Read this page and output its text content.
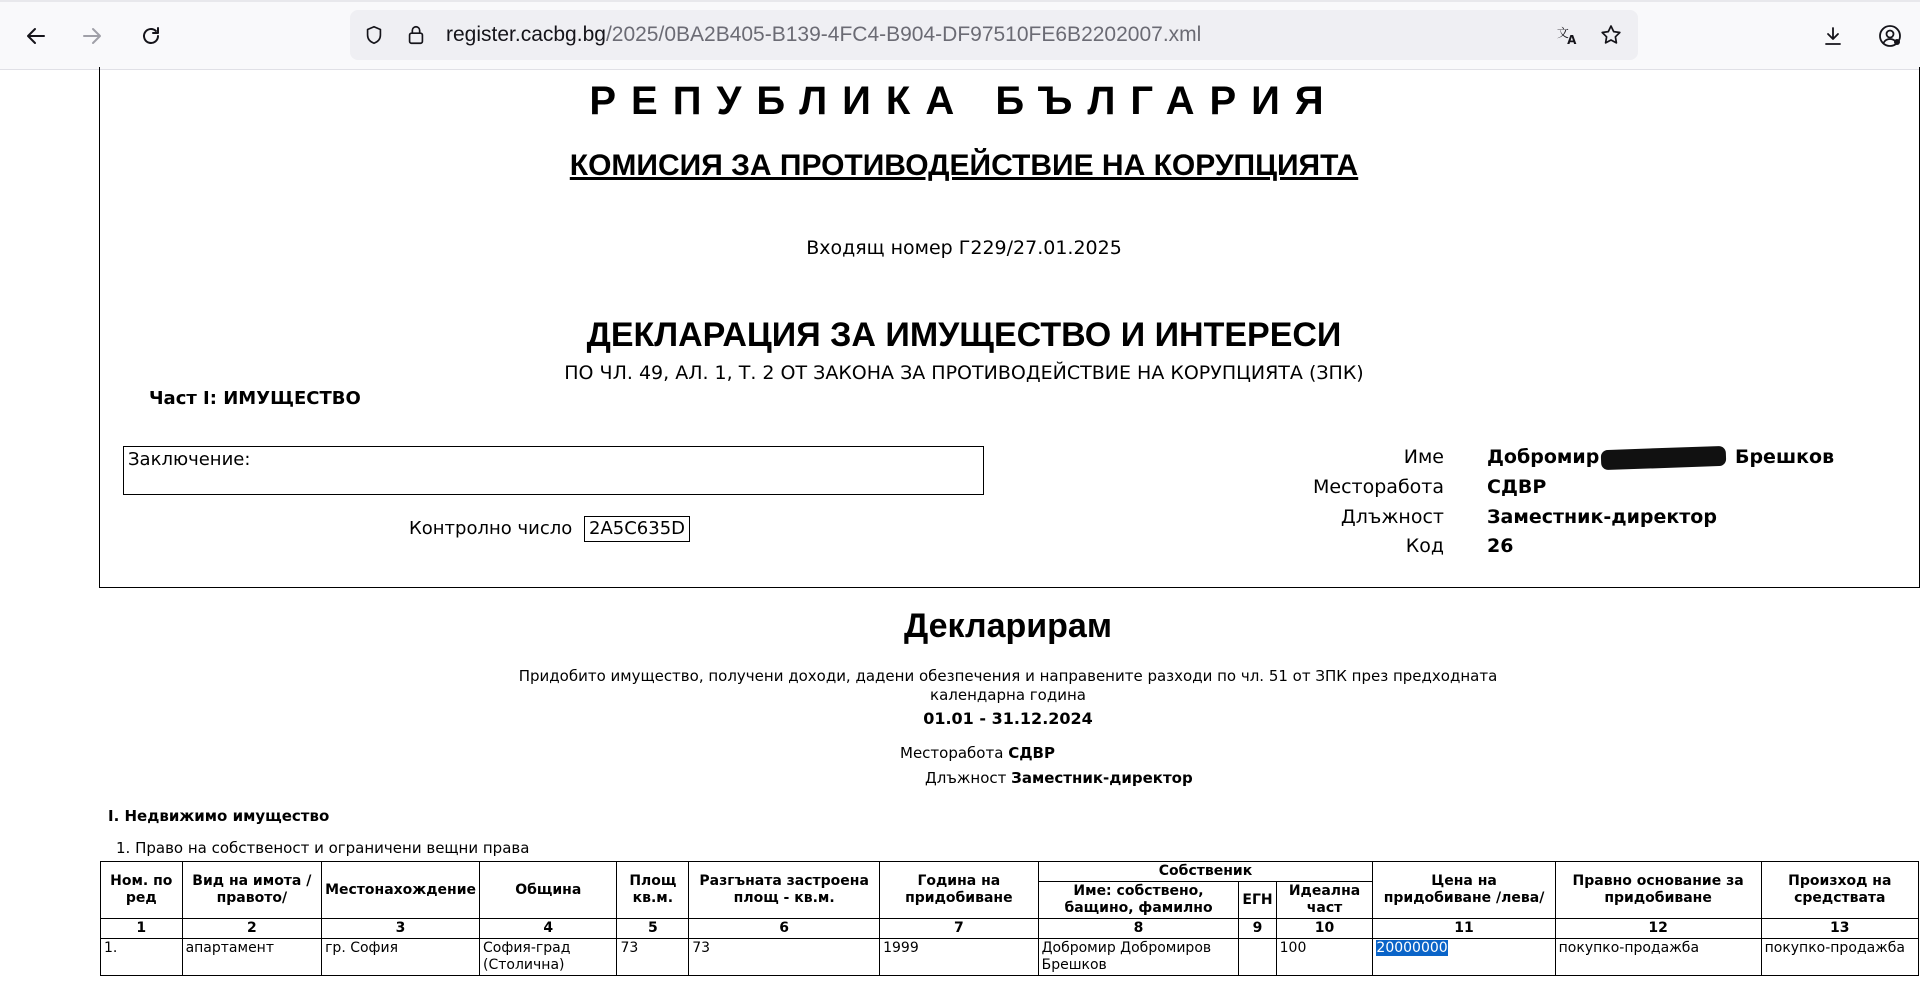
register.cacbg.bg/2025/0BA2B405-B139-4FC4-B904-DF97510FE6B2202007.xml	文
A
РЕПУБЛИКА БЪЛГАРИЯ
КОМИСИЯ ЗА ПРОТИВОДЕЙСТВИЕ НА КОРУПЦИЯТА
Входящ номер Г229/27.01.2025
ДЕКЛАРАЦИЯ ЗА ИМУЩЕСТВО И ИНТЕРЕСИ
ПО ЧЛ. 49, АЛ. 1, Т. 2 ОТ ЗАКОНА ЗА ПРОТИВОДЕЙСТВИЕ НА КОРУПЦИЯТА (ЗПК)
Част I: ИМУЩЕСТВО
Заключение:
Контролно число 2A5C635D
Име Добромир	Брешков
Месторабота СДВР
Длъжност Заместник-директор
Код 26
Декларирам
Придобито имущество, получени доходи, дадени обезпечения и направените разходи по чл. 51 от ЗПК през предходната календарна година
01.01 - 31.12.2024
Месторабота СДВР
Длъжност Заместник-директор
I. Недвижимо имущество
1. Право на собственост и ограничени вещни права
Ном. по ред	Вид на имота / правото/	Местонахождение	Община	Площ кв.м.	Разгъната застроена площ - кв.м.	Година на придобиване	Собственик			Цена на придобиване /лева/	Правно основание за придобиване	Произход на средствата
							Име: собствено, бащино, фамилно	ЕГН	Идеална част			
1	2	3	4	5	6	7	8	9	10	11	12	13
1.	апартамент	гр. София	София-град (Столична)	73	73	1999	Добромир Добромиров Брешков		100	20000000	покупко-продажба	покупко-продажба
